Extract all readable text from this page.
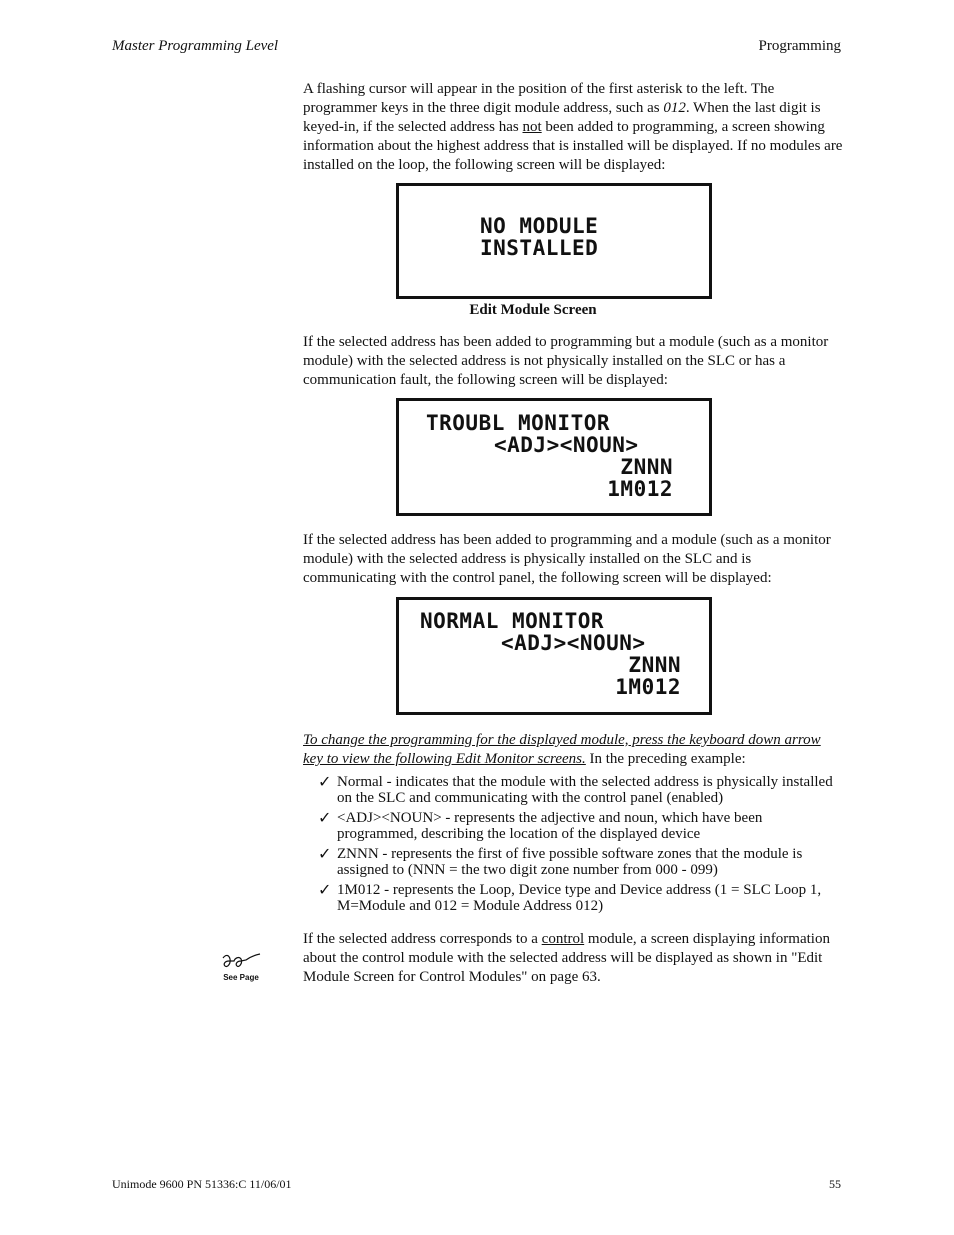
Master Programming Level	Programming

A flashing cursor will appear in the position of the first asterisk to the left. The programmer keys in the three digit module address, such as 012. When the last digit is keyed-in, if the selected address has not been added to programming, a screen showing information about the highest address that is installed will be displayed. If no modules are installed on the loop, the following screen will be displayed:

NO MODULE
INSTALLED
Edit Module Screen

If the selected address has been added to programming but a module (such as a monitor module) with the selected address is not physically installed on the SLC or has a communication fault, the following screen will be displayed:

TROUBL MONITOR
<ADJ><NOUN>
ZNNN
1M012

If the selected address has been added to programming and a module (such as a monitor module) with the selected address is physically installed on the SLC and is communicating with the control panel, the following screen will be displayed:

NORMAL MONITOR
<ADJ><NOUN>
ZNNN
1M012

To change the programming for the displayed module, press the keyboard down arrow key to view the following Edit Monitor screens. In the preceding example:

✓ Normal - indicates that the module with the selected address is physically installed on the SLC and communicating with the control panel (enabled)
✓ <ADJ><NOUN> - represents the adjective and noun, which have been programmed, describing the location of the displayed device
✓ ZNNN - represents the first of five possible software zones that the module is assigned to (NNN = the two digit zone number from 000 - 099)
✓ 1M012 - represents the Loop, Device type and Device address (1 = SLC Loop 1, M=Module and 012 = Module Address 012)

If the selected address corresponds to a control module, a screen displaying information about the control module with the selected address will be displayed as shown in "Edit Module Screen for Control Modules" on page 63.

See Page
Unimode 9600 PN 51336:C 11/06/01	55
